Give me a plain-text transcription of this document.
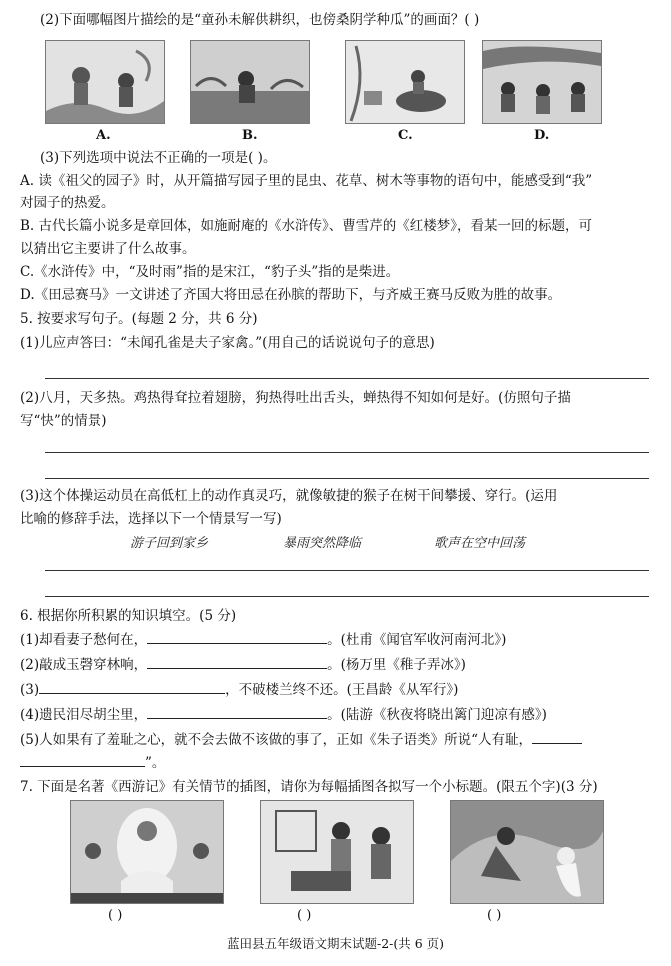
(2)下面哪幅图片描绘的是“童孙未解供耕织，也傍桑阴学种瓜”的画面？( )
A.	B.	C.	D.
(3)下列选项中说法不正确的一项是( )。
A. 读《祖父的园子》时，从开篇描写园子里的昆虫、花草、树木等事物的语句中，能感受到“我”
对园子的热爱。
B. 古代长篇小说多是章回体，如施耐庵的《水浒传》、曹雪芹的《红楼梦》，看某一回的标题，可
以猜出它主要讲了什么故事。
C.《水浒传》中，“及时雨”指的是宋江，“豹子头”指的是柴进。
D.《田忌赛马》一文讲述了齐国大将田忌在孙膑的帮助下，与齐威王赛马反败为胜的故事。
5. 按要求写句子。(每题 2 分，共 6 分)
(1)儿应声答曰：“未闻孔雀是夫子家禽。”(用自己的话说说句子的意思)
(2)八月，天多热。鸡热得耷拉着翅膀，狗热得吐出舌头，蝉热得不知如何是好。(仿照句子描
写“快”的情景)
(3)这个体操运动员在高低杠上的动作真灵巧，就像敏捷的猴子在树干间攀援、穿行。(运用
比喻的修辞手法，选择以下一个情景写一写)
游子回到家乡	暴雨突然降临	歌声在空中回荡
6. 根据你所积累的知识填空。(5 分)
(1)却看妻子愁何在，	。(杜甫《闻官军收河南河北》)
(2)敲成玉磬穿林响，	。(杨万里《稚子弄冰》)
(3)	，不破楼兰终不还。(王昌龄《从军行》)
(4)遗民泪尽胡尘里，	。(陆游《秋夜将晓出篱门迎凉有感》)
(5)人如果有了羞耻之心，就不会去做不该做的事了，正如《朱子语类》所说“人有耻，
”。
7. 下面是名著《西游记》有关情节的插图，请你为每幅插图各拟写一个小标题。(限五个字)(3 分)
( )	( )	( )
蓝田县五年级语文期末试题-2-(共 6 页)
